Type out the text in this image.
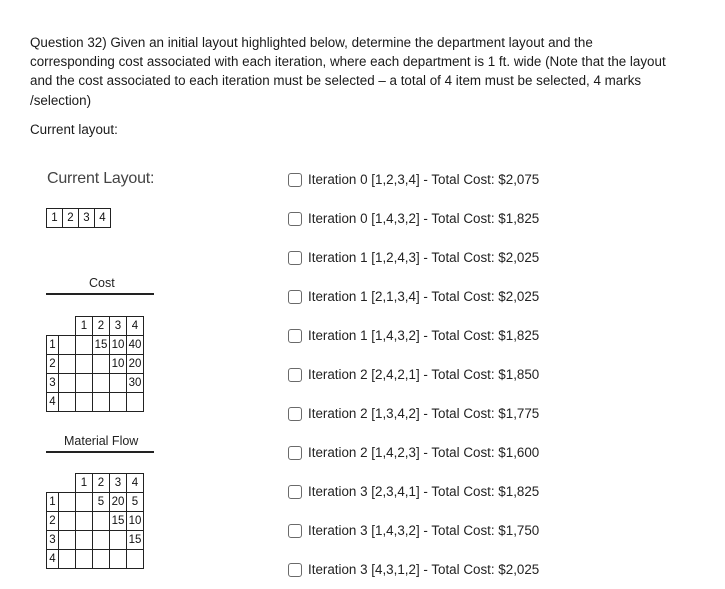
Question 32) Given an initial layout highlighted below, determine the department layout and the corresponding cost associated with each iteration, where each department is 1 ft. wide (Note that the layout and the cost associated to each iteration must be selected – a total of 4 item must be selected, 4 marks /selection)

Current layout:

Current Layout:
1	2	3	4
Cost
		1	2	3	4
1			15	10	40
2				10	20
3					30
4					
Material Flow
		1	2	3	4
1			5	20	5
2				15	10
3					15
4					
Iteration 0 [1,2,3,4] - Total Cost: $2,075
Iteration 0 [1,4,3,2] - Total Cost: $1,825
Iteration 1 [1,2,4,3] - Total Cost: $2,025
Iteration 1 [2,1,3,4] - Total Cost: $2,025
Iteration 1 [1,4,3,2] - Total Cost: $1,825
Iteration 2 [2,4,2,1] - Total Cost: $1,850
Iteration 2 [1,3,4,2] - Total Cost: $1,775
Iteration 2 [1,4,2,3] - Total Cost: $1,600
Iteration 3 [2,3,4,1] - Total Cost: $1,825
Iteration 3 [1,4,3,2] - Total Cost: $1,750
Iteration 3 [4,3,1,2] - Total Cost: $2,025
